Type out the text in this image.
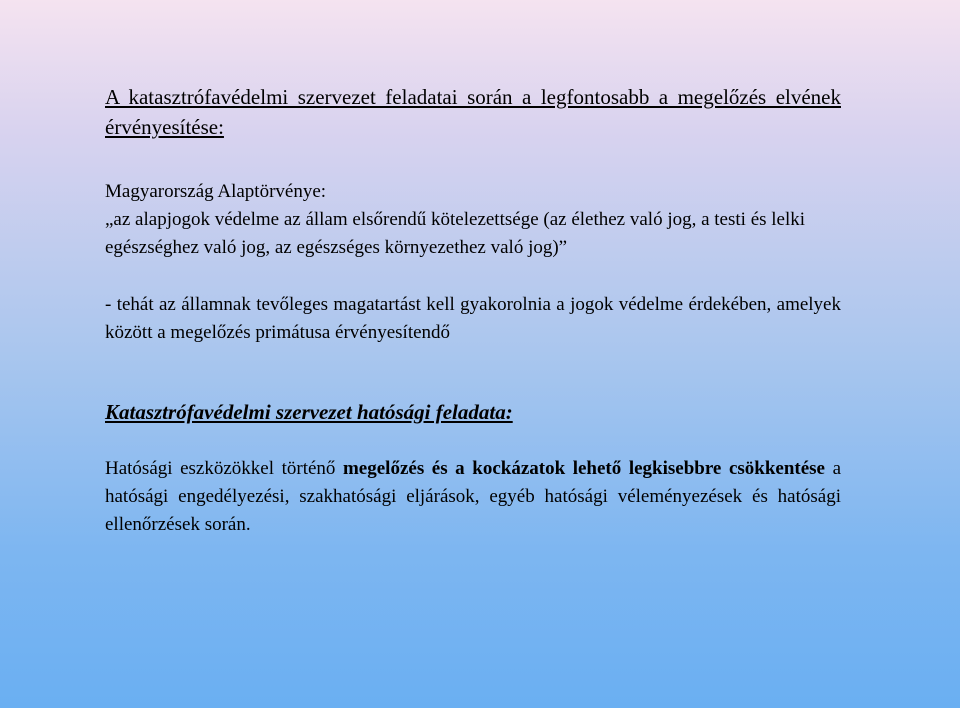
A katasztrófavédelmi szervezet feladatai során a legfontosabb a megelőzés elvének érvényesítése:

Magyarország Alaptörvénye:

„az alapjogok védelme az állam elsőrendű kötelezettsége (az élethez való jog, a testi és lelki egészséghez való jog, az egészséges környezethez való jog)”

- tehát az államnak tevőleges magatartást kell gyakorolnia a jogok védelme érdekében, amelyek között a megelőzés primátusa érvényesítendő

Katasztrófavédelmi szervezet hatósági feladata:

Hatósági eszközökkel történő megelőzés és a kockázatok lehető legkisebbre csökkentése a hatósági engedélyezési, szakhatósági eljárások, egyéb hatósági véleményezések és hatósági ellenőrzések során.
